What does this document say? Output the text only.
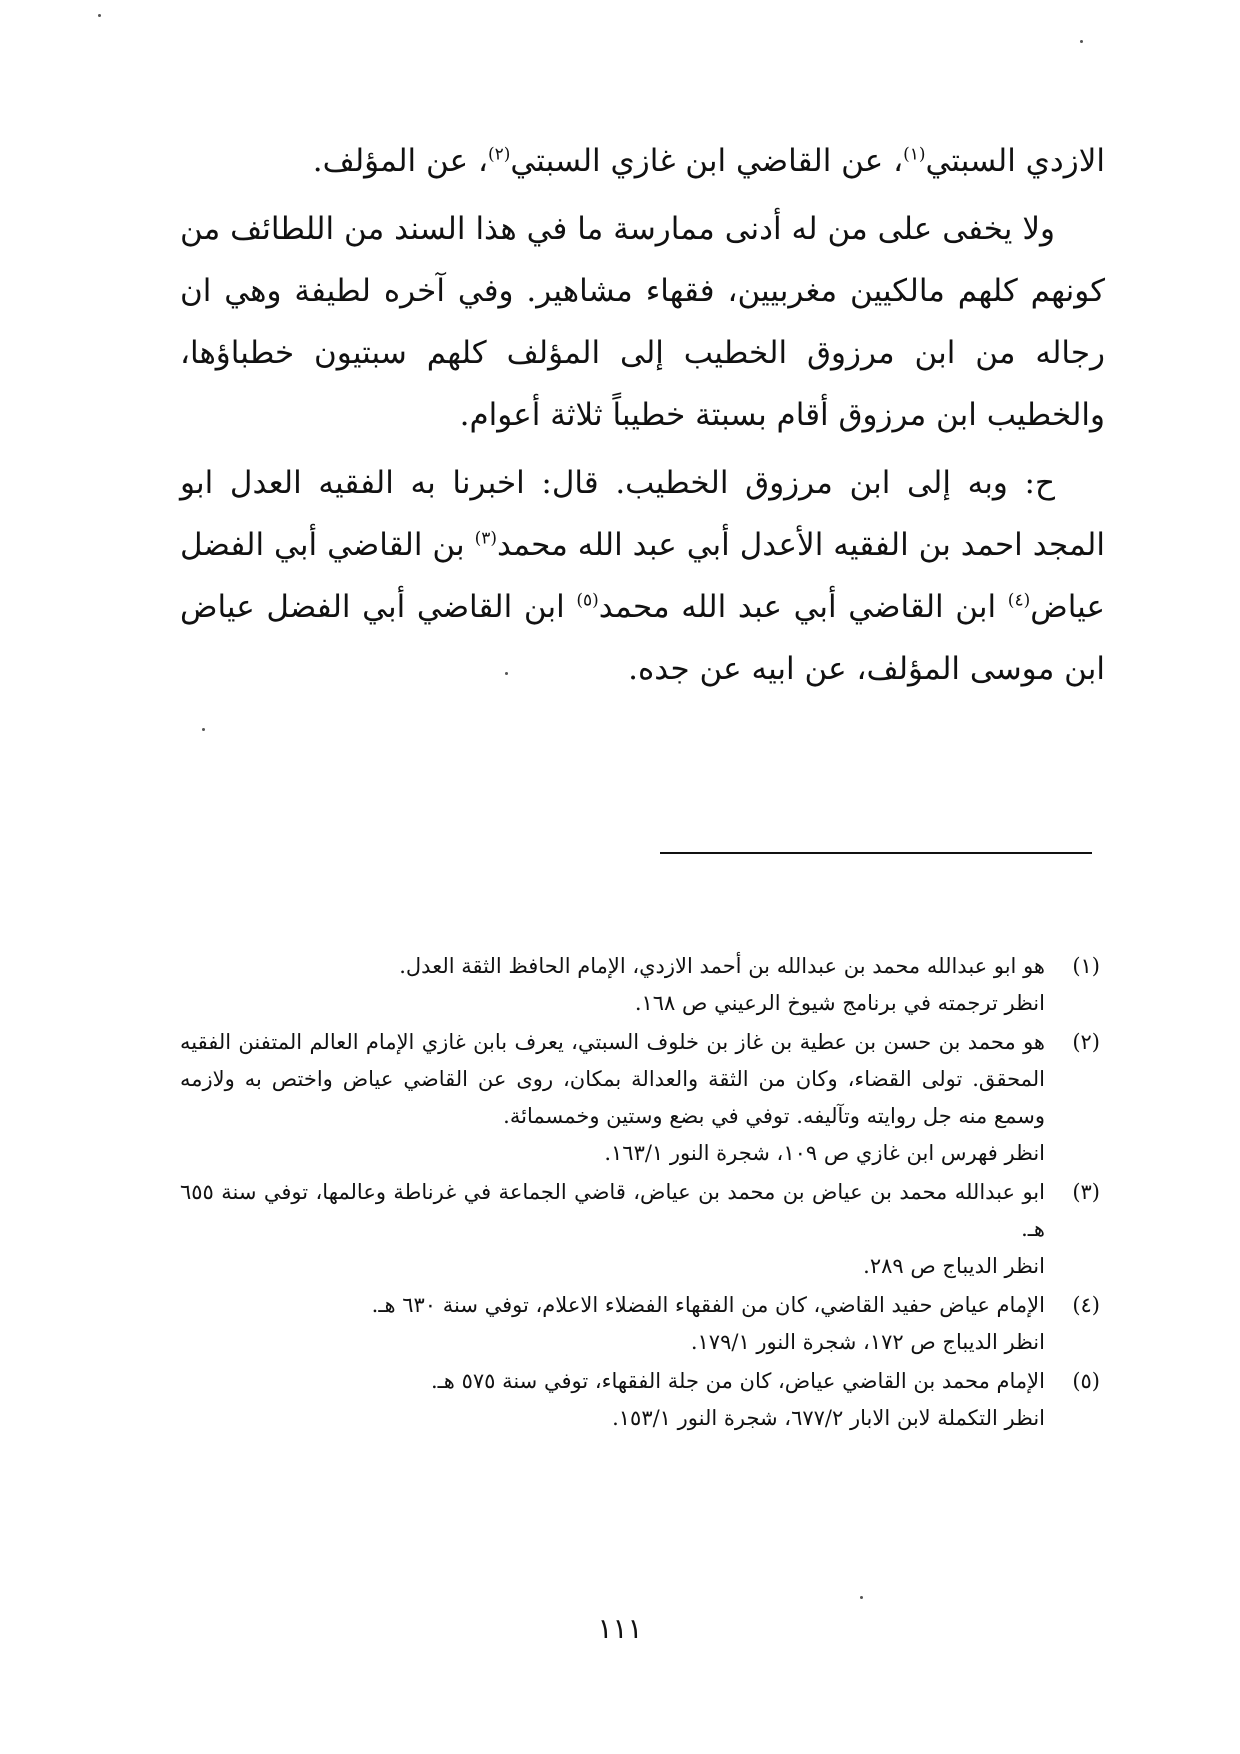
الازدي السبتي$^{(١)}$، عن القاضي ابن غازي السبتي$^{(٢)}$، عن المؤلف.

ولا يخفى على من له أدنى ممارسة ما في هذا السند من اللطائف من كونهم كلهم مالكيين مغربيين، فقهاء مشاهير. وفي آخره لطيفة وهي ان رجاله من ابن مرزوق الخطيب إلى المؤلف كلهم سبتيون خطباؤها، والخطيب ابن مرزوق أقام بسبتة خطيباً ثلاثة أعوام.

ح: وبه إلى ابن مرزوق الخطيب. قال: اخبرنا به الفقيه العدل ابو المجد احمد بن الفقيه الأعدل أبي عبد الله محمد$^{(٣)}$ بن القاضي أبي الفضل عياض$^{(٤)}$ ابن القاضي أبي عبد الله محمد$^{(٥)}$ ابن القاضي أبي الفضل عياض ابن موسى المؤلف، عن ابيه عن جده.

(١)

هو ابو عبدالله محمد بن عبدالله بن أحمد الازدي، الإمام الحافظ الثقة العدل.

انظر ترجمته في برنامج شيوخ الرعيني ص ١٦٨.

(٢)

هو محمد بن حسن بن عطية بن غاز بن خلوف السبتي، يعرف بابن غازي الإمام العالم المتفنن الفقيه المحقق. تولى القضاء، وكان من الثقة والعدالة بمكان، روى عن القاضي عياض واختص به ولازمه وسمع منه جل روايته وتآليفه. توفي في بضع وستين وخمسمائة.

انظر فهرس ابن غازي ص ١٠٩، شجرة النور ١٦٣/١.

(٣)

ابو عبدالله محمد بن عياض بن محمد بن عياض، قاضي الجماعة في غرناطة وعالمها، توفي سنة ٦٥٥ هـ.

انظر الديباج ص ٢٨٩.

(٤)

الإمام عياض حفيد القاضي، كان من الفقهاء الفضلاء الاعلام، توفي سنة ٦٣٠ هـ.

انظر الديباج ص ١٧٢، شجرة النور ١٧٩/١.

(٥)

الإمام محمد بن القاضي عياض، كان من جلة الفقهاء، توفي سنة ٥٧٥ هـ.

انظر التكملة لابن الابار ٦٧٧/٢، شجرة النور ١٥٣/١.

١١١
